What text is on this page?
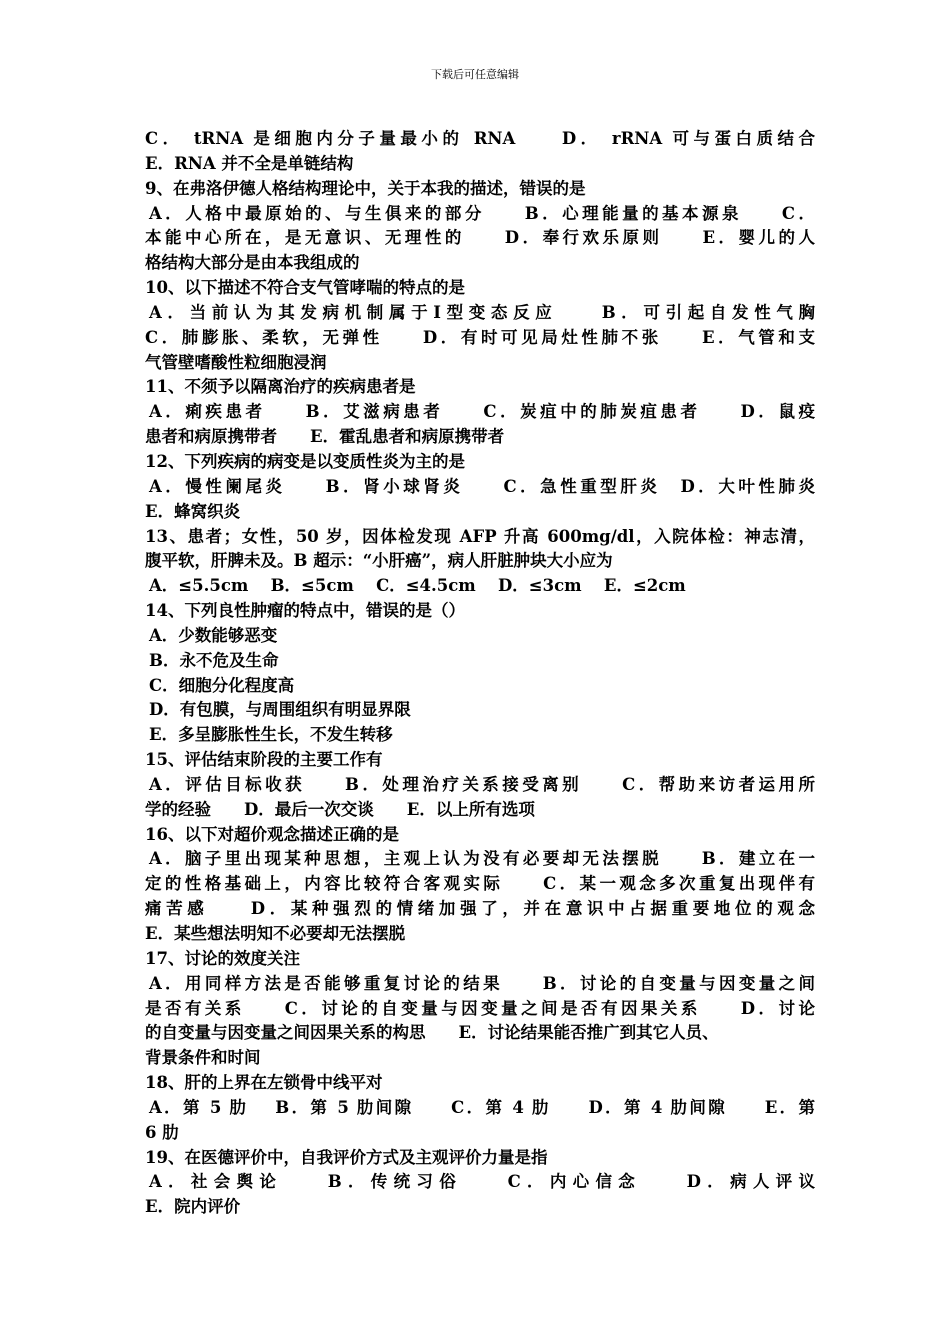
下载后可任意编辑
C． tRNA 是细胞内分子量最小的 RNA　　D． rRNA 可与蛋白质结合
E．RNA 并不全是单链结构
9、在弗洛伊德人格结构理论中，关于本我的描述，错误的是
A．人格中最原始的、与生俱来的部分　　B．心理能量的基本源泉　　C．
本能中心所在，是无意识、无理性的　　D．奉行欢乐原则　　E．婴儿的人
格结构大部分是由本我组成的
10、以下描述不符合支气管哮喘的特点的是
A．当前认为其发病机制属于Ⅰ型变态反应　　B．可引起自发性气胸
C．肺膨胀、柔软，无弹性　　D．有时可见局灶性肺不张　　E．气管和支
气管壁嗜酸性粒细胞浸润
11、不须予以隔离治疗的疾病患者是
A．痢疾患者　　B．艾滋病患者　　C．炭疽中的肺炭疽患者　　D．鼠疫
患者和病原携带者　　E．霍乱患者和病原携带者
12、下列疾病的病变是以变质性炎为主的是
A．慢性阑尾炎　　B．肾小球肾炎　　C．急性重型肝炎　D．大叶性肺炎
E．蜂窝织炎
13、患者；女性，50 岁，因体检发现 AFP 升高 600mg/dl，入院体检：神志清，
腹平软，肝脾未及。B 超示：“小肝癌”，病人肝脏肿块大小应为
A．≤5.5cm　 B．≤5cm　 C．≤4.5cm　 D．≤3cm　 E．≤2cm
14、下列良性肿瘤的特点中，错误的是（）
A．少数能够恶变
B．永不危及生命
C．细胞分化程度高
D．有包膜，与周围组织有明显界限
E．多呈膨胀性生长，不发生转移
15、评估结束阶段的主要工作有
A．评估目标收获　　B．处理治疗关系接受离别　　C．帮助来访者运用所
学的经验　　D．最后一次交谈　　E．以上所有选项
16、以下对超价观念描述正确的是
A．脑子里出现某种思想，主观上认为没有必要却无法摆脱　　B．建立在一
定的性格基础上，内容比较符合客观实际　　C．某一观念多次重复出现伴有
痛苦感　　D．某种强烈的情绪加强了，并在意识中占据重要地位的观念
E．某些想法明知不必要却无法摆脱
17、讨论的效度关注
A．用同样方法是否能够重复讨论的结果　　B．讨论的自变量与因变量之间
是否有关系　　C．讨论的自变量与因变量之间是否有因果关系　　D．讨论
的自变量与因变量之间因果关系的构思　　E．讨论结果能否推广到其它人员、
背景条件和时间
18、肝的上界在左锁骨中线平对
A．第 5 肋　 B．第 5 肋间隙　　C．第 4 肋　　D．第 4 肋间隙　　E．第
6 肋
19、在医德评价中，自我评价方式及主观评价力量是指
A．社会舆论　　B．传统习俗　　C．内心信念　　D．病人评议
E．院内评价
